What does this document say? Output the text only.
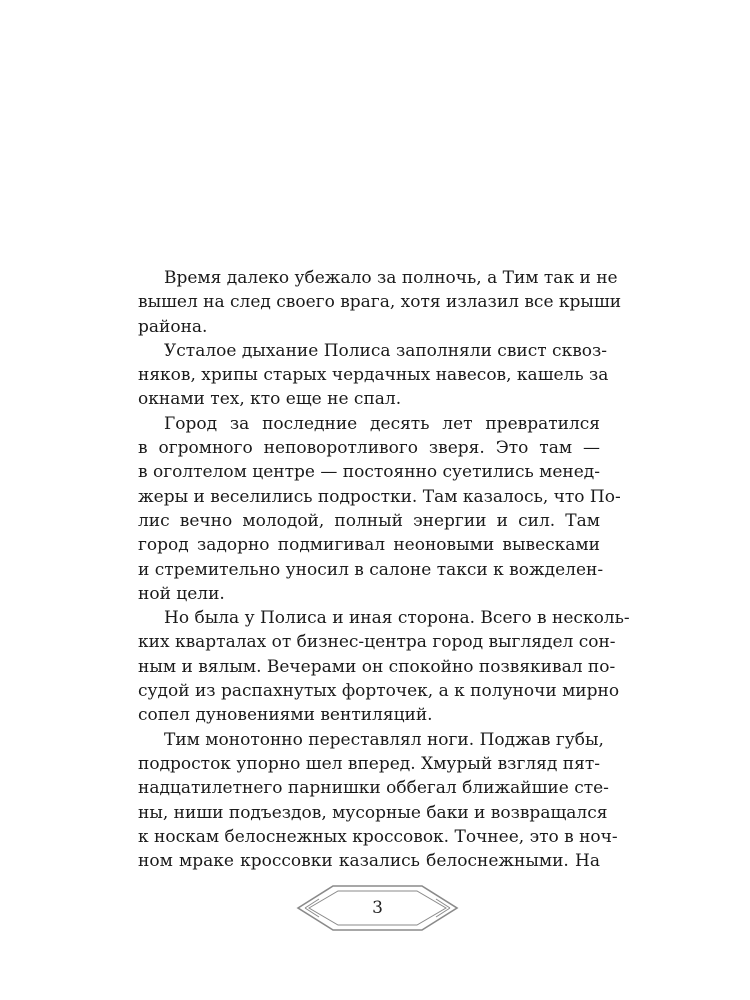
Время далеко убежало за полночь, а Тим так и не
вышел на след своего врага, хотя излазил все крыши
района.
Усталое дыхание Полиса заполняли свист сквоз-
няков, хрипы старых чердачных навесов, кашель за
окнами тех, кто еще не спал.
Город за последние десять лет превратился
в огромного неповоротливого зверя. Это там —
в оголтелом центре — постоянно суетились менед-
жеры и веселились подростки. Там казалось, что По-
лис вечно молодой, полный энергии и сил. Там
город задорно подмигивал неоновыми вывесками
и стремительно уносил в салоне такси к вожделен-
ной цели.
Но была у Полиса и иная сторона. Всего в несколь-
ких кварталах от бизнес-центра город выглядел сон-
ным и вялым. Вечерами он спокойно позвякивал по-
судой из распахнутых форточек, а к полуночи мирно
сопел дуновениями вентиляций.
Тим монотонно переставлял ноги. Поджав губы,
подросток упорно шел вперед. Хмурый взгляд пят-
надцатилетнего парнишки оббегал ближайшие сте-
ны, ниши подъездов, мусорные баки и возвращался
к носкам белоснежных кроссовок. Точнее, это в ноч-
ном мраке кроссовки казались белоснежными. На
3
